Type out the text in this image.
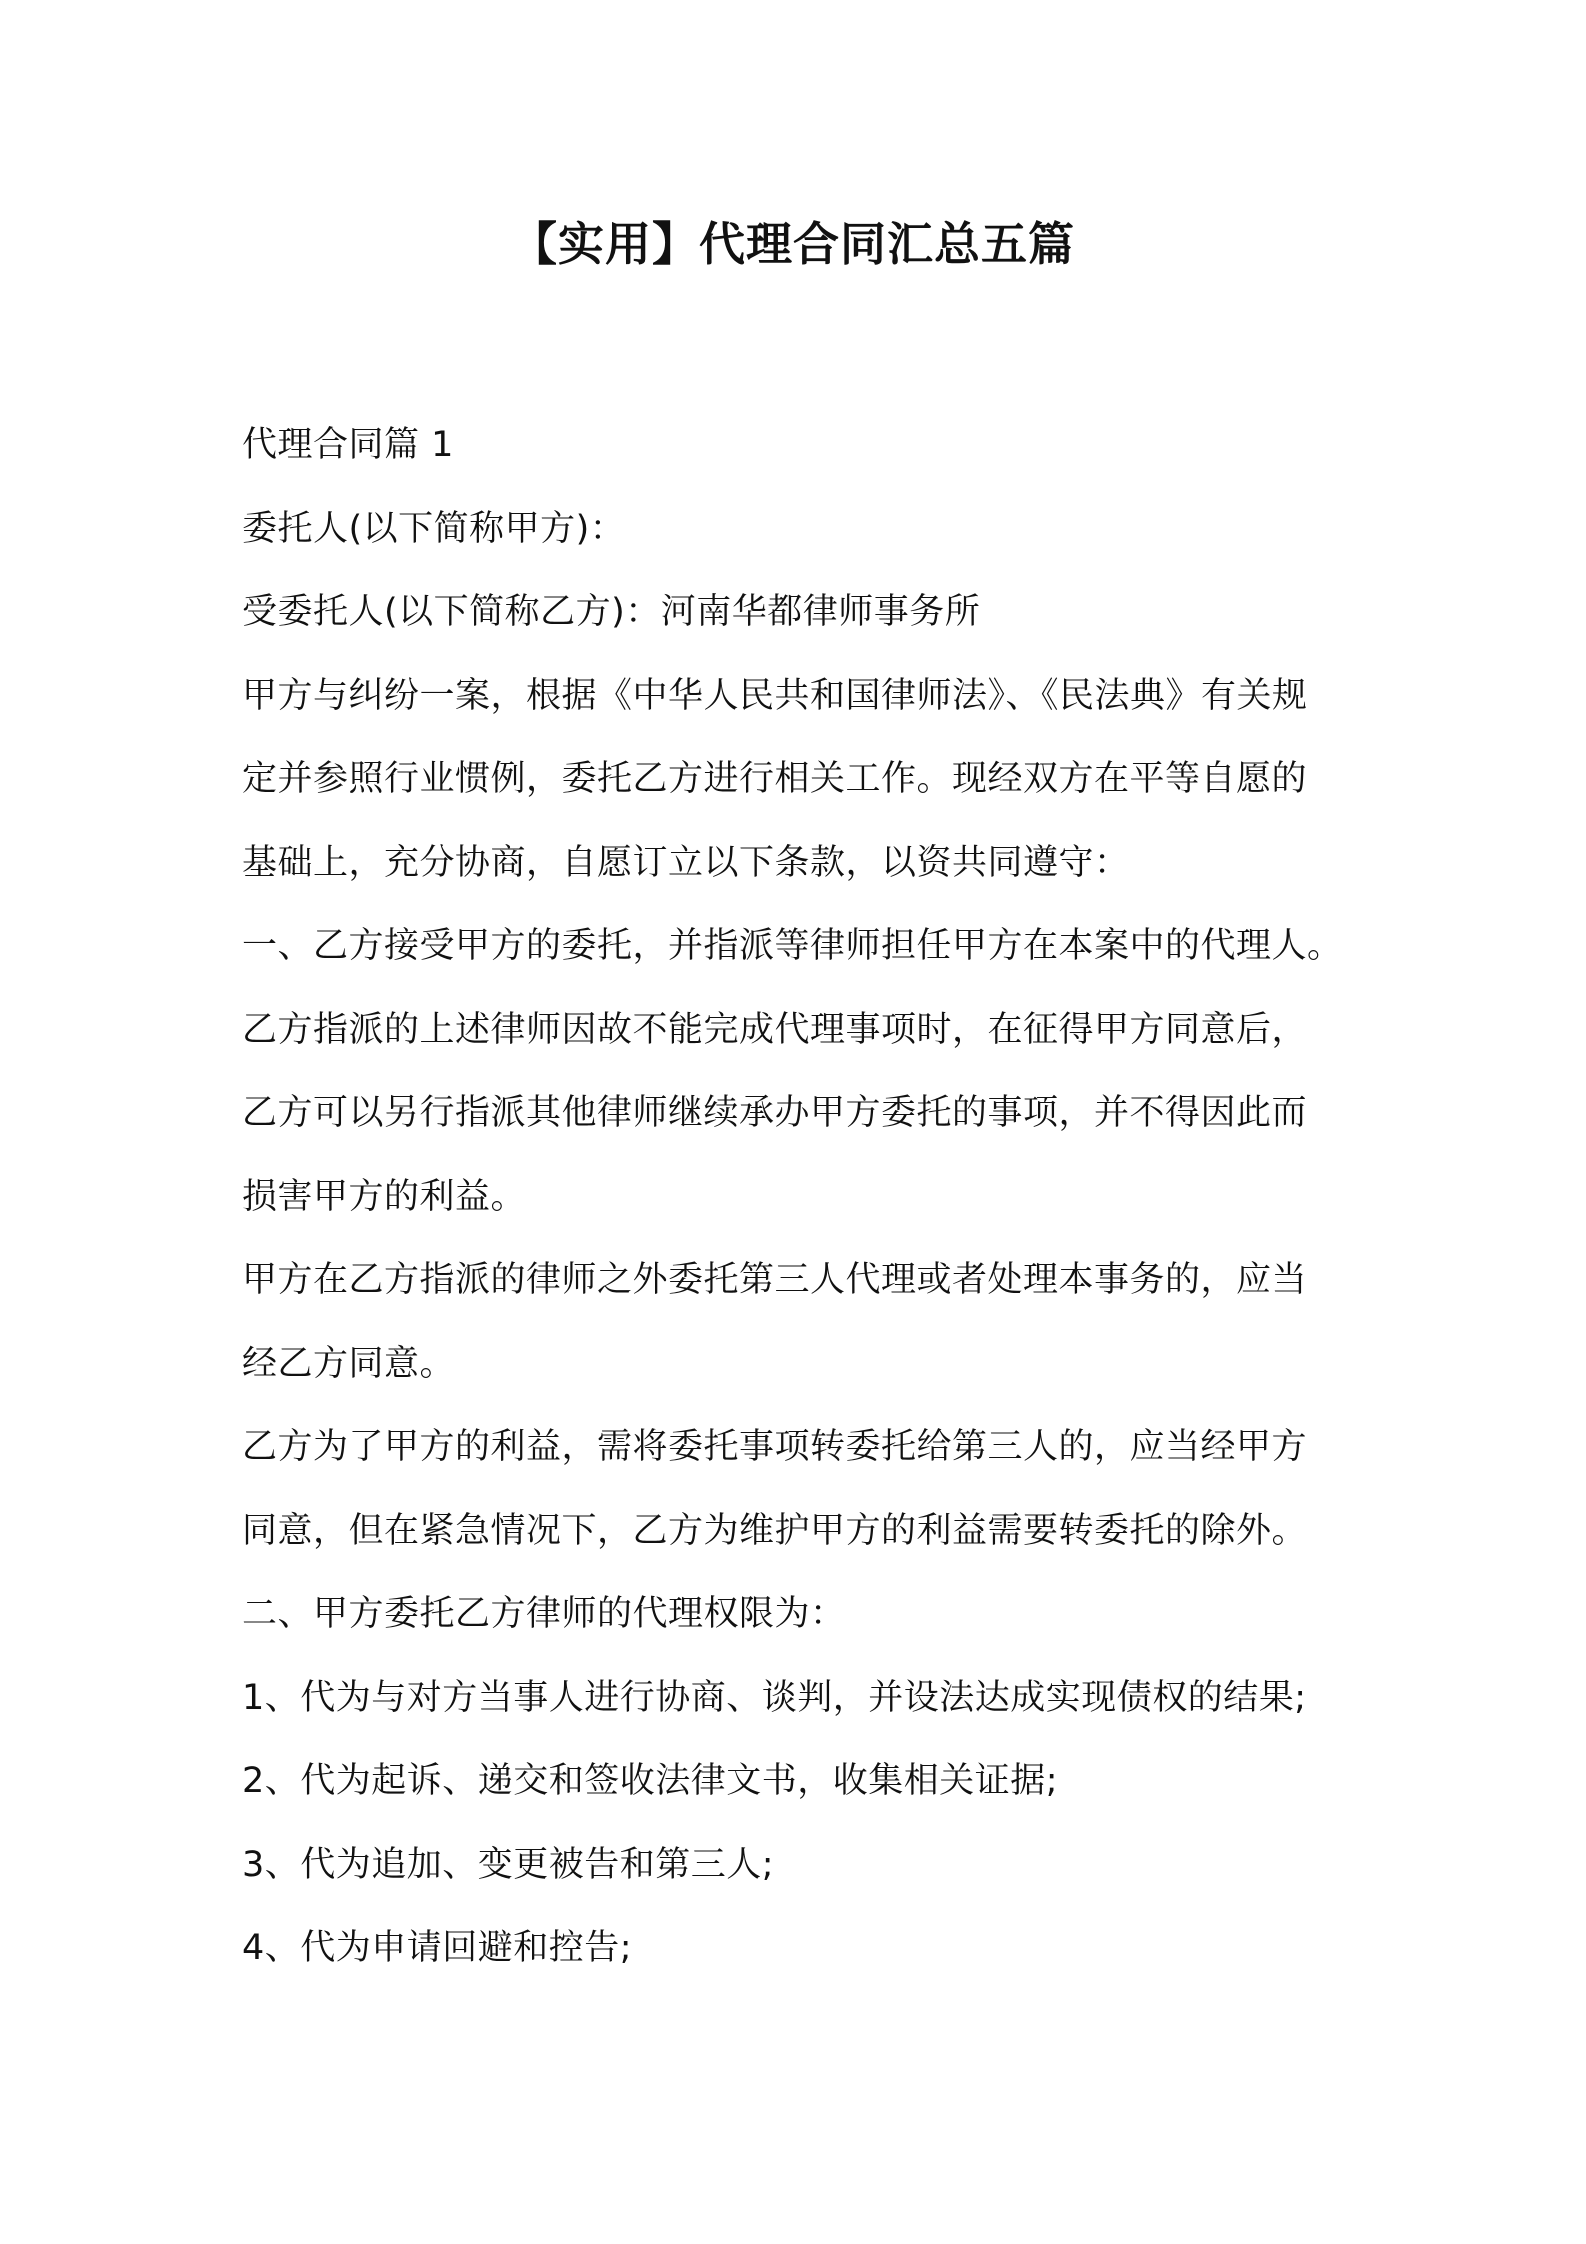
【实用】代理合同汇总五篇
代理合同篇 1
委托人(以下简称甲方)：
受委托人(以下简称乙方)：河南华都律师事务所
甲方与纠纷一案，根据《中华人民共和国律师法》、《民法典》有关规
定并参照行业惯例，委托乙方进行相关工作。现经双方在平等自愿的
基础上，充分协商，自愿订立以下条款，以资共同遵守：
一、乙方接受甲方的委托，并指派等律师担任甲方在本案中的代理人。
乙方指派的上述律师因故不能完成代理事项时，在征得甲方同意后，
乙方可以另行指派其他律师继续承办甲方委托的事项，并不得因此而
损害甲方的利益。
甲方在乙方指派的律师之外委托第三人代理或者处理本事务的，应当
经乙方同意。
乙方为了甲方的利益，需将委托事项转委托给第三人的，应当经甲方
同意，但在紧急情况下，乙方为维护甲方的利益需要转委托的除外。
二、甲方委托乙方律师的代理权限为：
1、代为与对方当事人进行协商、谈判，并设法达成实现债权的结果;
2、代为起诉、递交和签收法律文书，收集相关证据;
3、代为追加、变更被告和第三人;
4、代为申请回避和控告;
